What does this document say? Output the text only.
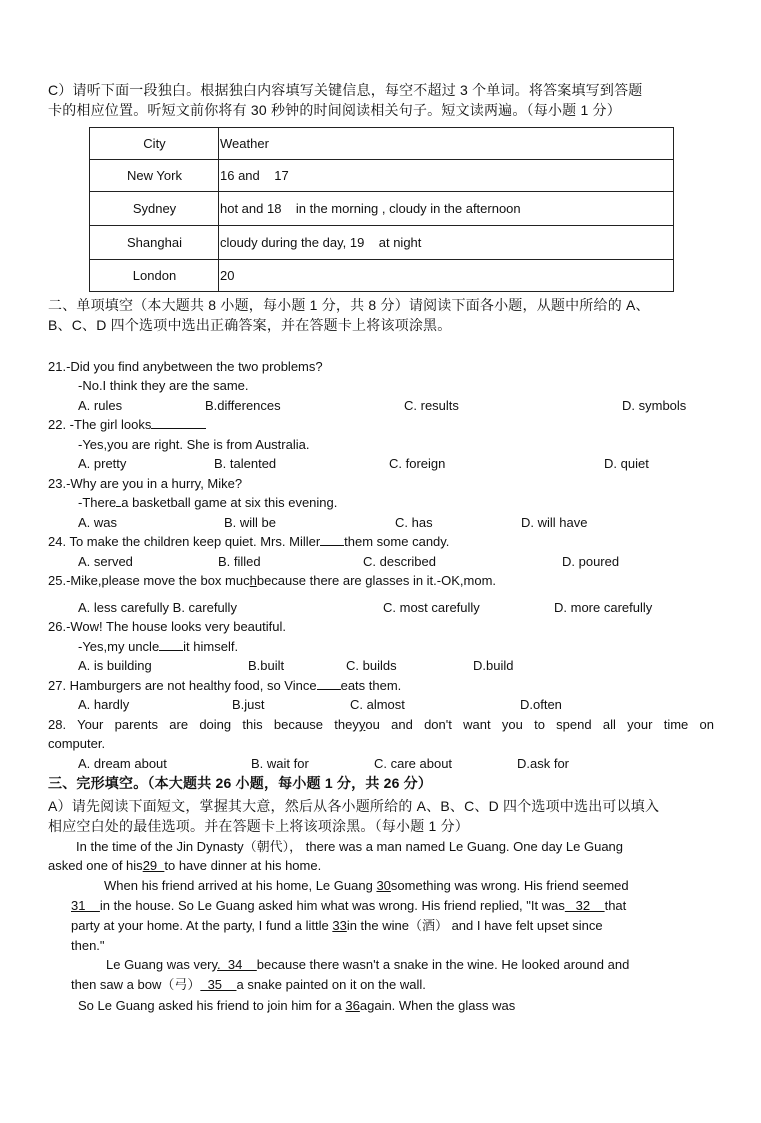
C）请听下面一段独白。根据独白内容填写关键信息，每空不超过 3 个单词。将答案填写到答题
卡的相应位置。听短文前你将有 30 秒钟的时间阅读相关句子。短文读两遍。（每小题 1 分）
City	Weather
New York	16 and    17
Sydney	hot and 18    in the morning , cloudy in the afternoon
Shanghai	cloudy during the day, 19    at night
London	20
二、单项填空（本大题共 8 小题，每小题 1 分，共 8 分）请阅读下面各小题，从题中所给的 A、
B、C、D 四个选项中选出正确答案，并在答题卡上将该项涂黑。
21.-Did you find anybetween the two problems?
-No.I think they are the same.
A. rules	B.differences	C. results	D. symbols
22. -The girl looks
-Yes,you are right. She is from Australia.
A. pretty	B. talented	C. foreign	D. quiet
23.-Why are you in a hurry, Mike?
-There a basketball game at six this evening.
A. was	B. will be	C. has	D. will have
24. To make the children keep quiet. Mrs. Miller them some candy.
A. served	B. filled	C. described	D. poured
25.-Mike,please move the box muchbecause there are glasses in it.-OK,mom.
A. less carefully B. carefully	C. most carefully	D. more carefully
26.-Wow! The house looks very beautiful.
-Yes,my uncle it himself.
A. is building	B.built	C. builds	D.build
27. Hamburgers are not healthy food, so Vince eats them.
A. hardly	B.just	C. almost	D.often
28.  Your  parents  are  doing  this  because  theyyou  and  don't  want  you  to  spend  all  your  time  on
computer.
A. dream about	B. wait for	C. care about	D.ask for
三、完形填空。（本大题共 26 小题，每小题 1 分，共 26 分）
A）请先阅读下面短文，掌握其大意，然后从各小题所给的 A、B、C、D 四个选项中选出可以填入
相应空白处的最佳选项。并在答题卡上将该项涂黑。（每小题 1 分）
In the time of the Jin Dynasty（朝代）， there was a man named Le Guang. One day Le Guang
asked one of his29  to have dinner at his home.
When his friend arrived at his home, Le Guang 30something was wrong. His friend seemed
31    in the house. So Le Guang asked him what was wrong. His friend replied, "It was   32    that
party at your home. At the party, I fund a little 33in the wine（酒） and I have felt upset since
then."
Le Guang was very.  34    because there wasn't a snake in the wine. He looked around and
then saw a bow（弓）  35    a snake painted on it on the wall.
So Le Guang asked his friend to join him for a 36again. When the glass was
